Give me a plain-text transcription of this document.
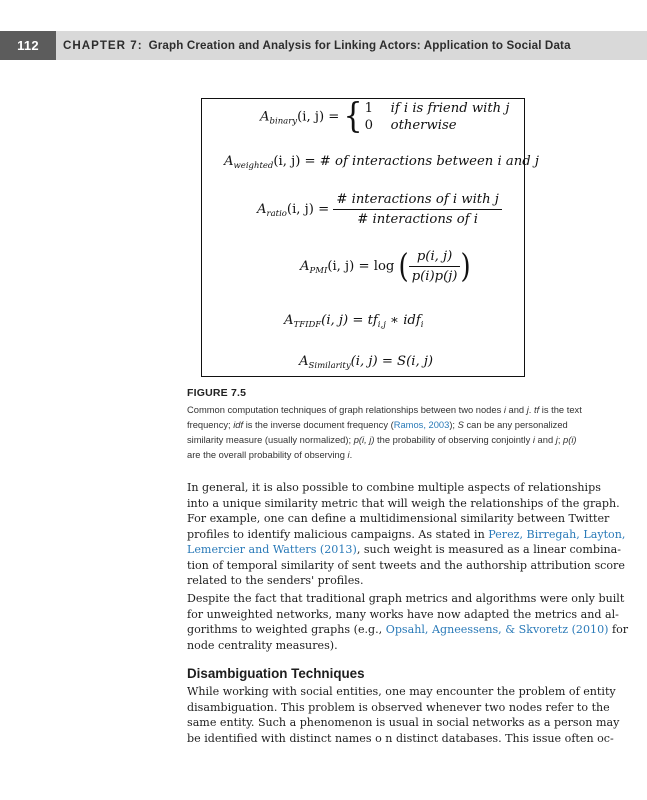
112	CHAPTER 7: Graph Creation and Analysis for Linking Actors: Application to Social Data
$A_{binary}(i$, j) = { 1 if i is friend with j
0 otherwise
$A_{weighted}(i$, j) = # of interactions between i and j
$A_{ratio}(i$, $j) = \frac{\text{\# interactions of i with j}}{\text{\# interactions of i}}$
$A_{PMI}(i$, j) = log ( $\frac{p(i, j)}{p(i)p(j)}$ )
$A_{TFIDF}(i$, $j) = tf_{i,j}$ ∗ idf$_i$
$A_{Similarity}(i$, j) = S(i, j)
FIGURE 7.5
Common computation techniques of graph relationships between two nodes i and j. tf is the text frequency; idf is the inverse document frequency (Ramos, 2003); S can be any personalized similarity measure (usually normalized); p(i, j) the probability of observing conjointly i and j; p(i) are the overall probability of observing i.
In general, it is also possible to combine multiple aspects of relationships
into a unique similarity metric that will weigh the relationships of the graph.
For example, one can define a multidimensional similarity between Twitter
profiles to identify malicious campaigns. As stated in Perez, Birregah, Layton,
Lemercier and Watters (2013), such weight is measured as a linear combina-
tion of temporal similarity of sent tweets and the authorship attribution score
related to the senders' profiles.
Despite the fact that traditional graph metrics and algorithms were only built
for unweighted networks, many works have now adapted the metrics and al-
gorithms to weighted graphs (e.g., Opsahl, Agneessens, & Skvoretz (2010) for
node centrality measures).
Disambiguation Techniques
While working with social entities, one may encounter the problem of entity
disambiguation. This problem is observed whenever two nodes refer to the
same entity. Such a phenomenon is usual in social networks as a person may
be identified with distinct names o n distinct databases. This issue often oc-
